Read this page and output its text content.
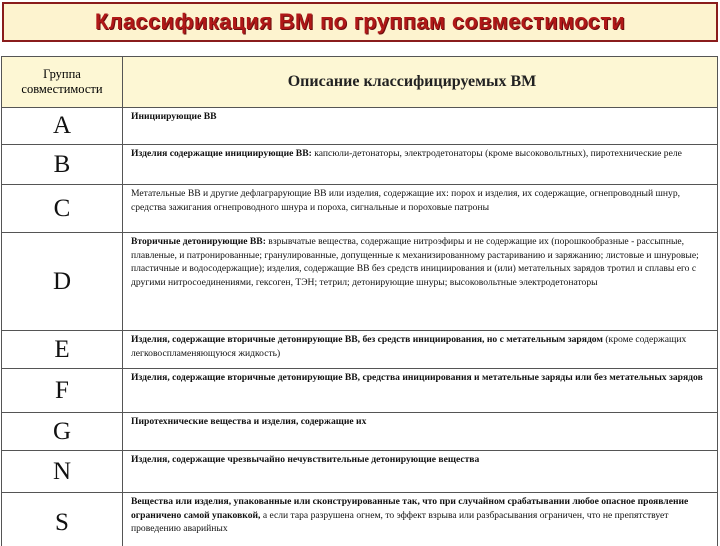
Классификация ВМ по группам совместимости
Группа совместимости	Описание классифицируемых ВМ
A	Инициирующие ВВ
B	Изделия содержащие инициирующие ВВ: капсюли-детонаторы, электродетонаторы (кроме высоковольтных), пиротехнические реле
C	Метательные ВВ и другие дефлаграрующие ВВ или изделия, содержащие их: порох и изделия, их содержащие, огнепроводный шнур, средства зажигания огнепроводного шнура и пороха, сигнальные и пороховые патроны
D	Вторичные детонирующие ВВ: взрывчатые вещества, содержащие нитроэфиры и не содержащие их (порошкообразные - рассыпные, плавленые, и патронированные; гранулированные, допущенные к механизированному растариванию и заряжанию; листовые и шнуровые; пластичные и водосодержащие); изделия, содержащие ВВ без средств инициирования и (или) метательных зарядов тротил и сплавы его с другими нитросоединениями, гексоген, ТЭН; тетрил; детонирующие шнуры; высоковольтные электродетонаторы
E	Изделия, содержащие вторичные детонирующие ВВ, без средств инициирования, но с метательным зарядом (кроме содержащих легковоспламеняющуюся жидкость)
F	Изделия, содержащие вторичные детонирующие ВВ, средства инициирования и метательные заряды или без метательных зарядов
G	Пиротехнические вещества и изделия, содержащие их
N	Изделия, содержащие чрезвычайно нечувствительные детонирующие вещества
S	Вещества или изделия, упакованные или сконструированные так, что при случайном срабатывании любое опасное проявление ограничено самой упаковкой, а если тара разрушена огнем, то эффект взрыва или разбрасывания ограничен, что не препятствует проведению аварийных
